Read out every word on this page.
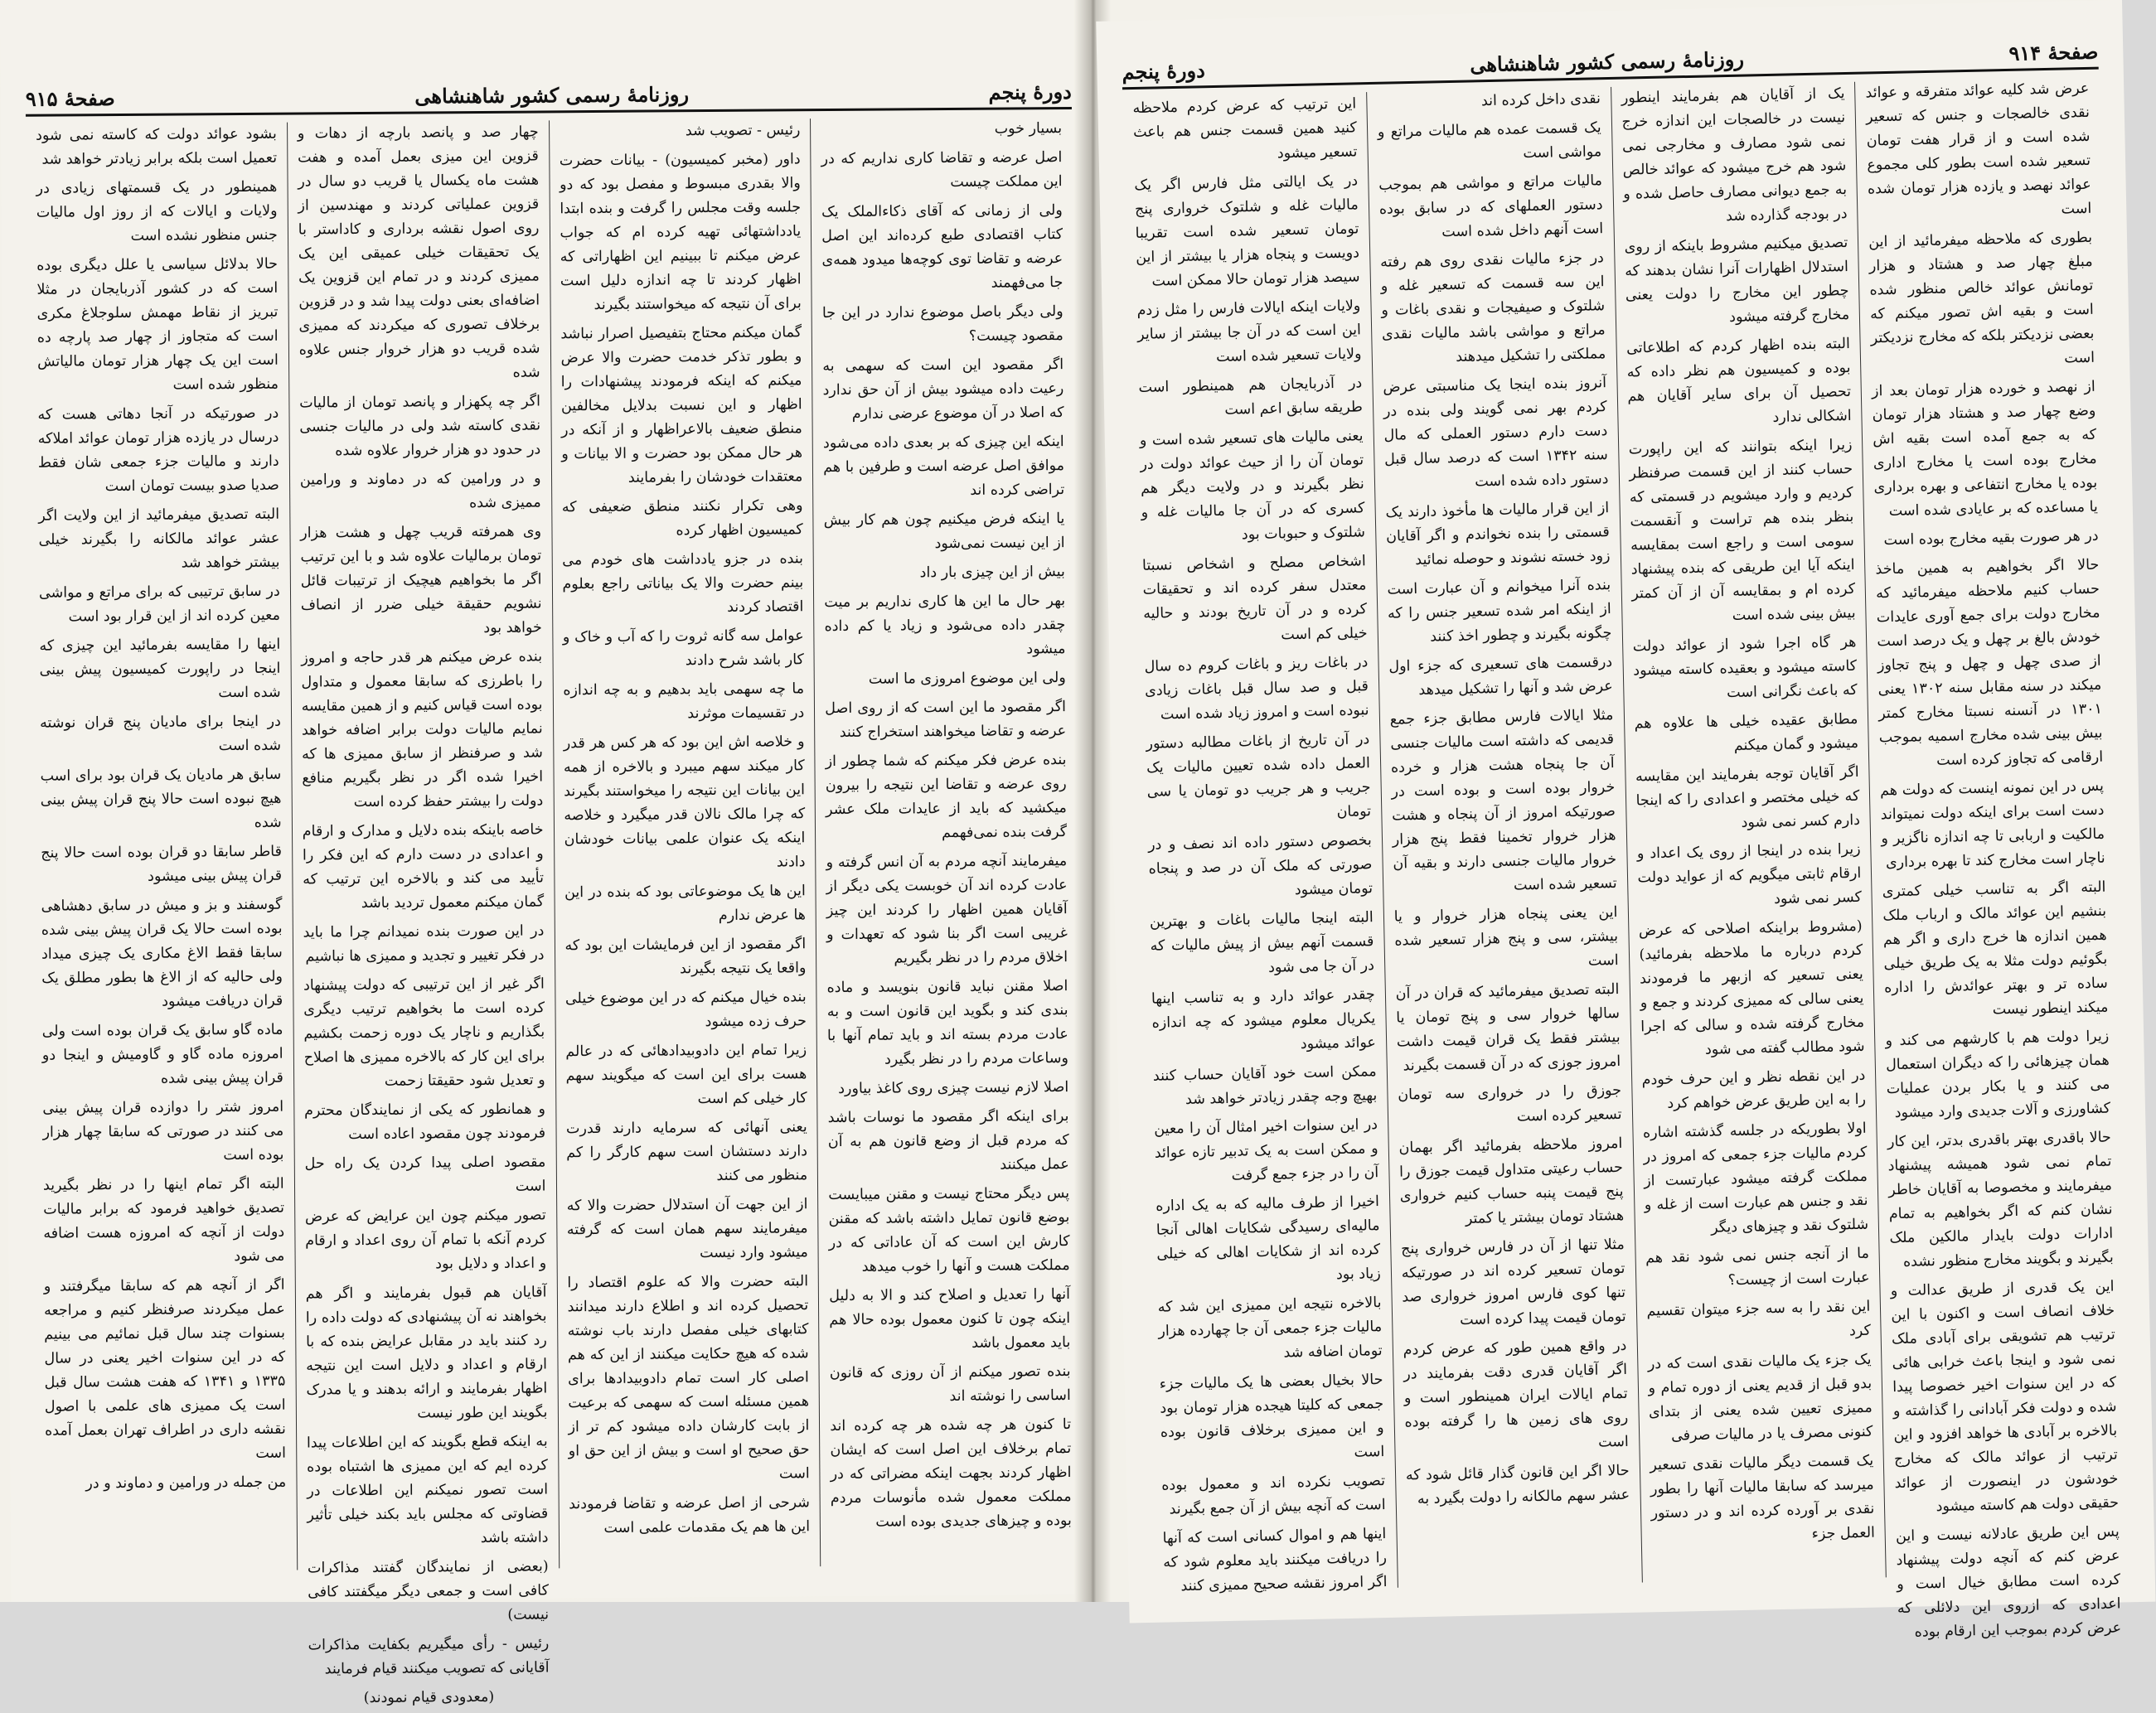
دورهٔ پنجم
روزنامهٔ رسمی کشور شاهنشاهی
صفحهٔ ۹۱۵

بسیار خوب

اصل عرضه و تقاضا کاری نداریم که در این مملکت چیست

ولی از زمانی که آقای ذکاءالملک یک کتاب اقتصادی طبع کرده‌اند این اصل عرضه و تقاضا توی کوچه‌ها میدود همه‌ی جا می‌فهمند

ولی دیگر باصل موضوع ندارد در این جا مقصود چیست؟

اگر مقصود این است که سهمی به رعیت داده میشود بیش از آن حق ندارد که اصلا در آن موضوع عرضی ندارم

اینکه این چیزی که بر بعدی داده می‌شود موافق اصل عرضه است و طرفین با هم تراضی کرده اند

یا اینکه فرض میکنیم چون هم کار بیش از این نیست نمی‌شود

بیش از این چیزی بار داد

بهر حال ما این ها کاری نداریم بر میت چقدر داده می‌شود و زیاد یا کم داده میشود

ولی این موضوع امروزی ما است

اگر مقصود ما این است که از روی اصل عرضه و تقاضا میخواهند استخراج کنند

بنده عرض فکر میکنم که شما چطور از روی عرضه و تقاضا این نتیجه را بیرون میکشید که باید از عایدات ملک عشر گرفت بنده نمی‌فهمم

میفرمایند آنچه مردم به آن انس گرفته و عادت کرده اند آن خوبست یکی دیگر از آقایان همین اظهار را کردند این چیز غریبی است اگر بنا شود که تعهدات و اخلاق مردم را در نظر بگیریم

اصلا مقنن نباید قانون بنویسد و ماده بندی کند و بگوید این قانون است و به عادت مردم بسته اند و باید تمام آنها با وساعات مردم را در نظر بگیرد

اصلا لازم نیست چیزی روی کاغذ بیاورد

برای اینکه اگر مقصود ما نوسات باشد که مردم قبل از وضع قانون هم به آن عمل میکنند

پس دیگر محتاج نیست و مقنن میبایست بوضع قانون تمایل داشته باشد که مقنن کارش این است که آن عاداتی که در مملکت هست و آنها را خوب میدهد

آنها را تعدیل و اصلاح کند و الا به دلیل اینکه چون تا کنون معمول بوده حالا هم باید معمول باشد

بنده تصور میکنم از آن روزی که قانون اساسی را نوشته اند

تا کنون هر چه شده هر چه کرده اند تمام برخلاف این اصل است که ایشان اظهار کردند بجهت اینکه مضراتی که در مملکت معمول شده مأنوسات مردم بوده و چیزهای جدیدی بوده است

رئیس - تصویب شد

داور (مخبر کمیسیون) - بیانات حضرت والا بقدری مبسوط و مفصل بود که دو جلسه وقت مجلس را گرفت و بنده ابتدا یادداشتهائی تهیه کرده ام که جواب عرض میکنم تا ببینیم این اظهاراتی که اظهار کردند تا چه اندازه دلیل است برای آن نتیجه که میخواستند بگیرند

گمان میکنم محتاج بتفیصیل اصرار نباشد و بطور تذکر خدمت حضرت والا عرض میکنم که اینکه فرمودند پیشنهادات را اظهار و این نسبت بدلایل مخالفین منطق ضعیف بالاعراظهار و از آنکه در هر حال ممکن بود حضرت و الا بیانات و معتقدات خودشان را بفرمایند

وهی تکرار نکنند منطق ضعیفی که کمیسیون اظهار کرده

بنده در جزو یادداشت های خودم می بینم حضرت والا یک بیاناتی راجع بعلوم اقتصاد کردند

عوامل سه گانه ثروت را که آب و خاک و کار باشد شرح دادند

ما چه سهمی باید بدهیم و به چه اندازه در تقسیمات موثرند

و خلاصه اش این بود که هر کس هر قدر کار میکند سهم میبرد و بالاخره از همه این بیانات این نتیجه را میخواستند بگیرند که چرا مالک نالان قدر میگیرد و خلاصه اینکه یک عنوان علمی بیانات خودشان دادند

این ها یک موضوعاتی بود که بنده در این ها عرض ندارم

اگر مقصود از این فرمایشات این بود که واقعا یک نتیجه بگیرند

بنده خیال میکنم که در این موضوع خیلی حرف زده میشود

زیرا تمام این دادوبیدادهائی که در عالم هست برای این است که میگویند سهم کار خیلی کم است

یعنی آنهائی که سرمایه دارند قدرت دارند دستشان است سهم کارگر را کم منظور می کنند

از این جهت آن استدلال حضرت والا که میفرمایند سهم همان است که گرفته میشود وارد نیست

البته حضرت والا که علوم اقتصاد را تحصیل کرده اند و اطلاع دارند میدانند کتابهای خیلی مفصل دارند باب نوشته شده که هیچ حکایت میکنند از این که هم اصلی کار است تمام دادوبیدادها برای همین مسئله است که سهمی که برعیت از بابت کارشان داده میشود کم تر از حق صحیح او است و بیش از این حق او است

شرحی از اصل عرضه و تقاضا فرمودند این ها هم یک مقدمات علمی است

چهار صد و پانصد بارچه از دهات و قزوین این میزی بعمل آمده و هفت هشت ماه یکسال یا قریب دو سال در قزوین عملیاتی کردند و مهندسین از روی اصول نقشه برداری و کاداستر با یک تحقیقات خیلی عمیقی این یک ممیزی کردند و در تمام این قزوین یک اضافه‌ای بعنی دولت پیدا شد و در قزوین برخلاف تصوری که میکردند که ممیزی شده قریب دو هزار خروار جنس علاوه شده

اگر چه پکهزار و پانصد تومان از مالیات نقدی کاسته شد ولی در مالیات جنسی در حدود دو هزار خروار علاوه شده

و در ورامین که در دماوند و ورامین ممیزی شده

وی همرفته قریب چهل و هشت هزار تومان برمالیات علاوه شد و با این ترتیب اگر ما بخواهیم هیچیک از ترتیبات قائل نشویم حقیقة خیلی ضرر از انصاف خواهد بود

بنده عرض میکنم هر قدر حاجه و امروز را باطرزی که سابقا معمول و متداول بوده است قیاس کنیم و از همین مقایسه نمایم مالیات دولت برابر اضافه خواهد شد و صرفنظر از سابق ممیزی ها که اخیرا شده اگر در نظر بگیریم منافع دولت را بیشتر حفظ کرده است

خاصه باینکه بنده دلایل و مدارک و ارقام و اعدادی در دست دارم که این فکر را تأیید می کند و بالاخره این ترتیب که گمان میکنم معمول تردید باشد

در این صورت بنده نمیدانم چرا ما باید در فکر تغییر و تجدید و ممیزی ها نباشیم

اگر غیر از این ترتیبی که دولت پیشنهاد کرده است ما بخواهیم ترتیب دیگری بگذاریم و ناچار یک دوره زحمت بکشیم برای این کار که بالاخره ممیزی ها اصلاح و تعدیل شود حقیقتا زحمت

و همانطور که یکی از نمایندگان محترم فرمودند چون مقصود اعاده است

مقصود اصلی پیدا کردن یک راه حل است

تصور میکنم چون این عرایض که عرض کردم آنکه با تمام آن روی اعداد و ارقام و اعداد و دلایل بود

آقایان هم قبول بفرمایند و اگر هم بخواهند نه آن پیشنهادی که دولت داده را رد کنند باید در مقابل عرایض بنده که با ارقام و اعداد و دلایل است این نتیجه اظهار بفرمایند و ارائه بدهند و یا مدرک بگویند این طور نیست

به اینکه قطع بگویند که این اطلاعات پیدا کرده ایم که این ممیزی ها اشتباه بوده است تصور نمیکنم این اطلاعات در قضاوتی که مجلس باید بکند خیلی تأثیر داشته باشد

(بعضی از نمایندگان گفتند مذاکرات کافی است و جمعی دیگر میگفتند کافی نیست)

رئیس - رأی میگیریم بکفایت مذاکرات آقایانی که تصویب میکنند قیام فرمایند

(معدودی قیام نمودند)

بشود عوائد دولت که کاسته نمی شود تعمیل است بلکه برابر زیادتر خواهد شد

همینطور در یک قسمتهای زیادی در ولایات و ایالات که از روز اول مالیات جنس منظور نشده است

حالا بدلائل سیاسی یا علل دیگری بوده است که در کشور آذربایجان در مثلا تبریز از نقاط مهمش سلوجلاغ مکری است که متجاوز از چهار صد پارچه ده است این یک چهار هزار تومان مالیاتش منظور شده است

در صورتیکه در آنجا دهاتی هست که درسال در یازده هزار تومان عوائد املاکه دارند و مالیات جزء جمعی شان فقط صدیا صدو بیست تومان است

البته تصدیق میفرمائید از این ولایت اگر عشر عوائد مالکانه را بگیرند خیلی بیشتر خواهد شد

در سابق ترتیبی که برای مراتع و مواشی معین کرده اند از این قرار بود است

اینها را مقایسه بفرمائید این چیزی که اینجا در راپورت کمیسیون پیش بینی شده است

در اینجا برای مادیان پنج قران نوشته شده است

سابق هر مادیان یک قران بود برای اسب هیچ نبوده است حالا پنج قران پیش بینی شده

قاطر سابقا دو قران بوده است حالا پنج قران پیش بینی میشود

گوسفند و بز و میش در سابق دهشاهی بوده است حالا یک قران پیش بینی شده سابقا فقط الاغ مکاری یک چیزی میداد ولی حالیه که از الاغ ها بطور مطلق یک قران دریافت میشود

ماده گاو سابق یک قران بوده است ولی امروزه ماده گاو و گاومیش و اینجا دو قران پیش بینی شده

امروز شتر را دوازده قران پیش بینی می کنند در صورتی که سابقا چهار هزار بوده است

البته اگر تمام اینها را در نظر بگیرید تصدیق خواهید فرمود که برابر مالیات دولت از آنچه که امروزه هست اضافه می شود

اگر از آنچه هم که سابقا میگرفتند و عمل میکردند صرفنظر کنیم و مراجعه بسنوات چند سال قبل نمائیم می بینیم که در این سنوات اخیر یعنی در سال ۱۳۳۵ و ۱۳۴۱ که هفت هشت سال قبل است یک ممیزی های علمی با اصول نقشه داری در اطراف تهران بعمل آمده است

من جمله در ورامین و دماوند و در

صفحهٔ ۹۱۴
روزنامهٔ رسمی کشور شاهنشاهی
دورهٔ پنجم

عرض شد کلیه عوائد متفرقه و عوائد نقدی خالصجات و جنس که تسعیر شده است و از قرار هفت تومان تسعیر شده است بطور کلی مجموع عوائد نهصد و یازده هزار تومان شده است

بطوری که ملاحظه میفرمائید از این مبلغ چهار صد و هشتاد و هزار تومانش عوائد خالص منظور شده است و بقیه اش تصور میکنم که بعضی نزدیکتر بلکه که مخارج نزدیکتر است

از نهصد و خورده هزار تومان بعد از وضع چهار صد و هشتاد هزار تومان که به جمع آمده است بقیه اش مخارج بوده است یا مخارج اداری بوده یا مخارج انتفاعی و بهره برداری یا مساعده که بر عایادی شده است

در هر صورت بقیه مخارج بوده است

حالا اگر بخواهیم به همین ماخذ حساب کنیم ملاحظه میفرمائید که مخارج دولت برای جمع آوری عایدات خودش بالغ بر چهل و یک درصد است از صدی چهل و چهل و پنج تجاوز میکند در سنه مقابل سنه ۱۳۰۲ یعنی ۱۳۰۱ در آنسنه نسبتا مخارج کمتر بیش بینی شده مخارج اسمیه بموجب ارقامی که تجاوز کرده است

پس در این نمونه اینست که دولت هم دست است برای اینکه دولت نمیتواند مالکیت و اربابی تا چه اندازه ناگزیر و ناچار است مخارج کند تا بهره برداری

البته اگر به تناسب خیلی کمتری بنشیم این عوائد مالک و ارباب ملک همین اندازه ها خرج داری و اگر هم بگوئیم دولت مثلا به یک طریق خیلی ساده تر و بهتر عوائدش را اداره میکند اینطور نیست

زیرا دولت هم با کارشهم می کند و همان چیزهائی را که دیگران استعمال می کنند و یا بکار بردن عملیات کشاورزی و آلات جدیدی وارد میشود

حالا باقدری بهتر باقدری بدتر، این کار تمام نمی شود همیشه پیشنهاد میفرمایند و مخصوصا به آقایان خاطر نشان کنم که اگر بخواهیم به تمام ادارات دولت بایدار مالکین ملک بگیرند و بگویند مخارج منظور نشده

این یک قدری از طریق عدالت و خلاف انصاف است و اکنون با این ترتیب هم تشویقی برای آبادی ملک نمی شود و اینجا باعث خرابی هائی که در این سنوات اخیر خصوصا پیدا شده و دولت فکر آبادانی را گذاشته و بالاخره بر آبادی ها خواهد افزود و این ترتیب از عوائد مالک که مخارج خودشون در اینصورت از عوائد حقیقی دولت هم کاسته میشود

پس این طریق عادلانه نیست و این عرض کنم که آنچه دولت پیشنهاد کرده است مطابق خیال است و اعدادی که ازروی این دلائلی که عرض کردم بموجب این ارقام بوده

یک از آقایان هم بفرمایند اینطور نیست در خالصجات این اندازه خرج نمی شود مصارف و مخارجی نمی شود هم خرج میشود که عوائد خالص به جمع دیوانی مصارف حاصل شده و در بودجه گذارده شد

تصدیق میکنیم مشروط باینکه از روی استدلال اظهارات آنرا نشان بدهند که چطور این مخارج را دولت یعنی مخارج گرفته میشود

البته بنده اظهار کردم که اطلاعاتی بوده و کمیسیون هم نظر داده که تحصیل آن برای سایر آقایان هم اشکالی ندارد

زیرا اینکه بتوانند که این راپورت حساب کنند از این قسمت صرفنظر کردیم و وارد میشویم در قسمتی که بنظر بنده هم تراست و آنقسمت سومی است و راجع است بمقایسه اینکه آیا این طریقی که بنده پیشنهاد کرده ام و بمقایسه آن از آن کمتر بیش بینی شده است

هر گاه اجرا شود از عوائد دولت کاسته میشود و بعقیده کاسته میشود که باعث نگرانی است

مطابق عقیده خیلی ها علاوه هم میشود و گمان میکنم

اگر آقایان توجه بفرمایند این مقایسه که خیلی مختصر و اعدادی را که اینجا دارم کسر نمی شود

زیرا بنده در اینجا از روی یک اعداد و ارقام ثابتی میگویم که از عواید دولت کسر نمی شود

(مشروط براینکه اصلاحی که عرض کردم درباره ما ملاحظه بفرمائید) یعنی تسعیر که ازبهر ما فرمودند یعنی سالی که ممیزی کردند و جمع و مخارج گرفته شده و سالی که اجرا شود مطالب گفته می شود

در این نقطه نظر و این حرف خودم را به این طریق عرض خواهم کرد

اولا بطوریکه در جلسه گذشته اشاره کردم مالیات جزء جمعی که امروز در مملکت گرفته میشود عبارتست از نقد و جنس هم عبارت است از غله و شلتوک نقد و چیزهای دیگر

ما از آنجه جنس نمی شود نقد هم عبارت است از چیست؟

این نقد را به سه جزء میتوان تقسیم کرد

یک جزء یک مالیات نقدی است که در بدو قبل از قدیم یعنی از دوره تمام و ممیزی تعیین شده یعنی از بتدای کنونی مصرف یا در مالیات صرفی

یک قسمت دیگر مالیات نقدی تسعیر میرسد که سابقا مالیات آنها را بطور نقدی بر آورده کرده اند و در دستور العمل جزء

نقدی داخل کرده اند

یک قسمت عمده هم مالیات مراتع و مواشی است

مالیات مراتع و مواشی هم بموجب دستور العملهای که در سابق بوده است آنهم داخل شده است

در جزء مالیات نقدی روی هم رفته این سه قسمت که تسعیر غله و شلتوک و صیفیجات و نقدی باغات و مراتع و مواشی باشد مالیات نقدی مملکتی را تشکیل میدهند

آنروز بنده اینجا یک مناسبتی عرض کردم بهر نمی گویند ولی بنده در دست دارم دستور العملی که مال سنه ۱۳۴۲ است که درصد سال قبل دستور داده شده است

از این قرار مالیات ها مأخوذ دارند یک قسمتی را بنده نخواندم و اگر آقایان زود خسته نشوند و حوصله نمائید

بنده آنرا میخوانم و آن عبارت است از اینکه امر شده تسعیر جنس را که چگونه بگیرند و چطور اخذ کنند

درقسمت های تسعیری که جزء اول عرض شد و آنها را تشکیل میدهد

مثلا ایالات فارس مطابق جزء جمع قدیمی که داشته است مالیات جنسی آن جا پنجاه هشت هزار و خرده خروار بوده است و بوده است در صورتیکه امروز از آن پنجاه و هشت هزار خروار تخمینا فقط پنج هزار خروار مالیات جنسی دارند و بقیه آن تسعیر شده است

این یعنی پنجاه هزار خروار و یا بیشتر، سی و پنج هزار تسعیر شده است

البته تصدیق میفرمائید که قران در آن سالها خروار سی و پنج تومان یا بیشتر فقط یک قران قیمت داشت امروز جوزی که در آن قسمت بگیرند

جوزق را در خرواری سه تومان تسعیر کرده است

امروز ملاحظه بفرمائید اگر بهمان حساب رعیتی متداول قیمت جوزق را پنج قیمت پنبه حساب کنیم خرواری هشتاد تومان بیشتر یا کمتر

مثلا تنها از آن در فارس خرواری پنج تومان تسعیر کرده اند در صورتیکه تنها کوی فارس امروز خرواری صد تومان قیمت پیدا کرده است

در واقع همین طور که عرض کردم اگر آقایان قدری دقت بفرمایند در تمام ایالات ایران همینطور است و روی های زمین ها را گرفته بوده است

حالا اگر این قانون گذار قائل شود که عشر سهم مالکانه را دولت بگیرد به

این ترتیب که عرض کردم ملاحظه کنید همین قسمت جنس هم باعث تسعیر میشود

در یک ایالتی مثل فارس اگر یک مالیات غله و شلتوک خرواری پنج تومان تسعیر شده است تقریبا دویست و پنجاه هزار یا بیشتر از این سیصد هزار تومان حالا ممکن است

ولایات اینکه ایالات فارس را مثل زدم این است که در آن جا بیشتر از سایر ولایات تسعیر شده است

در آذربایجان هم همینطور است طریقه سابق اعم است

یعنی مالیات های تسعیر شده است و تومان آن را از حیث عوائد دولت در نظر بگیرند و در ولایت دیگر هم کسری که در آن جا مالیات غله و شلتوک و حبوبات بود

اشخاص مصلح و اشخاص نسبتا معتدل سفر کرده اند و تحقیقات کرده و در آن تاریخ بودند و حالیه خیلی کم است

در باغات ریز و باغات کروم ده سال قبل و صد سال قبل باغات زیادی نبوده است و امروز زیاد شده است

در آن تاریخ از باغات مطالبه دستور العمل داده شده تعیین مالیات یک جریب و هر جریب دو تومان یا سی تومان

بخصوص دستور داده اند نصف و در صورتی که ملک آن در صد و پنجاه تومان میشود

البته اینجا مالیات باغات و بهترین قسمت آنهم بیش از پیش مالیات که در آن جا می شود

چقدر عوائد دارد و به تناسب اینها یکریال معلوم میشود که چه اندازه عوائد میشود

ممکن است خود آقایان حساب کنند بهیچ وجه چقدر زیادتر خواهد شد

در این سنوات اخیر امثال آن را معین و ممکن است به یک تدبیر تازه عوائد آن را در جزء جمع گرفت

اخیرا از طرف مالیه که به یک اداره مالیه‌ای رسیدگی شکایات اهالی آنجا کرده اند از شکایات اهالی که خیلی زیاد بود

بالاخره نتیجه این ممیزی این شد که مالیات جزء جمعی آن جا چهارده هزار تومان اضافه شد

حالا بخیال بعضی ها یک مالیات جزء جمعی که کلیتا هیجده هزار تومان بود و این ممیزی برخلاف قانون بوده است

تصویب نکرده اند و معمول بوده است که آنچه بیش از آن جمع بگیرند

اینها هم و اموال کسانی است که آنها را دریافت میکنند باید معلوم شود که اگر امروز نقشه صحیح ممیزی کنند
